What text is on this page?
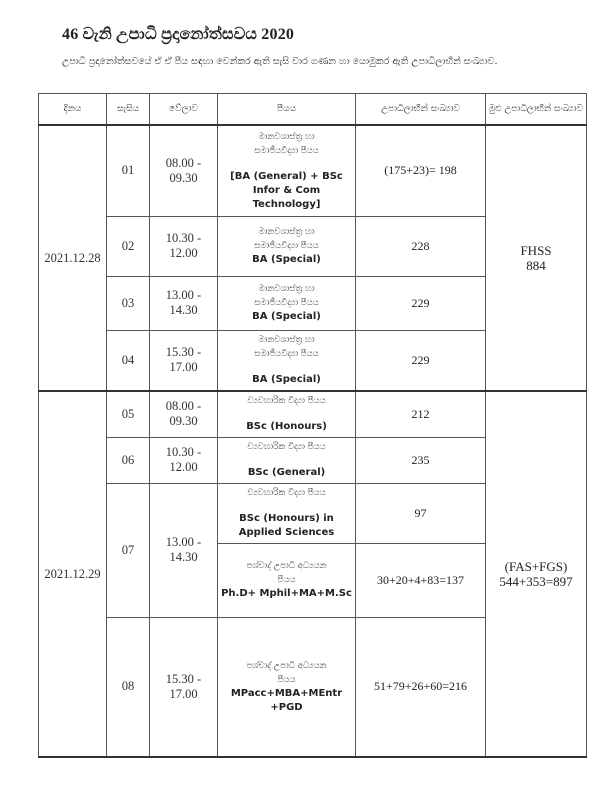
46 වැනි උපාධි ප්‍රදානෝත්සවය 2020
උපාධි ප්‍රදානෝත්සවයේ ඒ ඒ පීය සඳහා වෙන්කර ඇති සැසි වාර ගණන හා යොමුකර ඇති උපාධිලාභීන් සංඛ්‍යාව.
දිනය	සැසිය	වේලාව	පීයය	උපාධිලාභීන් සංඛ්‍යාව	මුළු උපාධිලාභීන් සංඛ්‍යාව
2021.12.28	01	08.00 -
09.30	මානවශාස්ත්‍ර හා
සමාජීයවිද්‍යා පීයය
[BA (General) + BSc
Infor & Com
Technology]	(175+23)= 198	FHSS
884
	02	10.30 -
12.00	මානවශාස්ත්‍ර හා
සමාජීයවිද්‍යා පීයය
BA (Special)	228	
	03	13.00 -
14.30	මානවශාස්ත්‍ර හා
සමාජීයවිද්‍යා පීයය
BA (Special)	229	
	04	15.30 -
17.00	මානවශාස්ත්‍ර හා
සමාජීයවිද්‍යා පීයය
BA (Special)	229	
2021.12.29	05	08.00 -
09.30	ව්‍යවහාරික විද්‍යා පීයය
BSc (Honours)	212	(FAS+FGS)
544+353=897
	06	10.30 -
12.00	ව්‍යවහාරික විද්‍යා පීයය
BSc (General)	235	
	07	13.00 -
14.30	ව්‍යවහාරික විද්‍යා පීයය
BSc (Honours) in
Applied Sciences	97	

			පශ්චාද් උපාධි අධ්‍යයන
පීයය
Ph.D+ Mphil+MA+M.Sc	30+20+4+83=137	
	08	15.30 -
17.00	පශ්චාද් උපාධි අධ්‍යයන
පීයය
MPacc+MBA+MEntr
+PGD	51+79+26+60=216	
